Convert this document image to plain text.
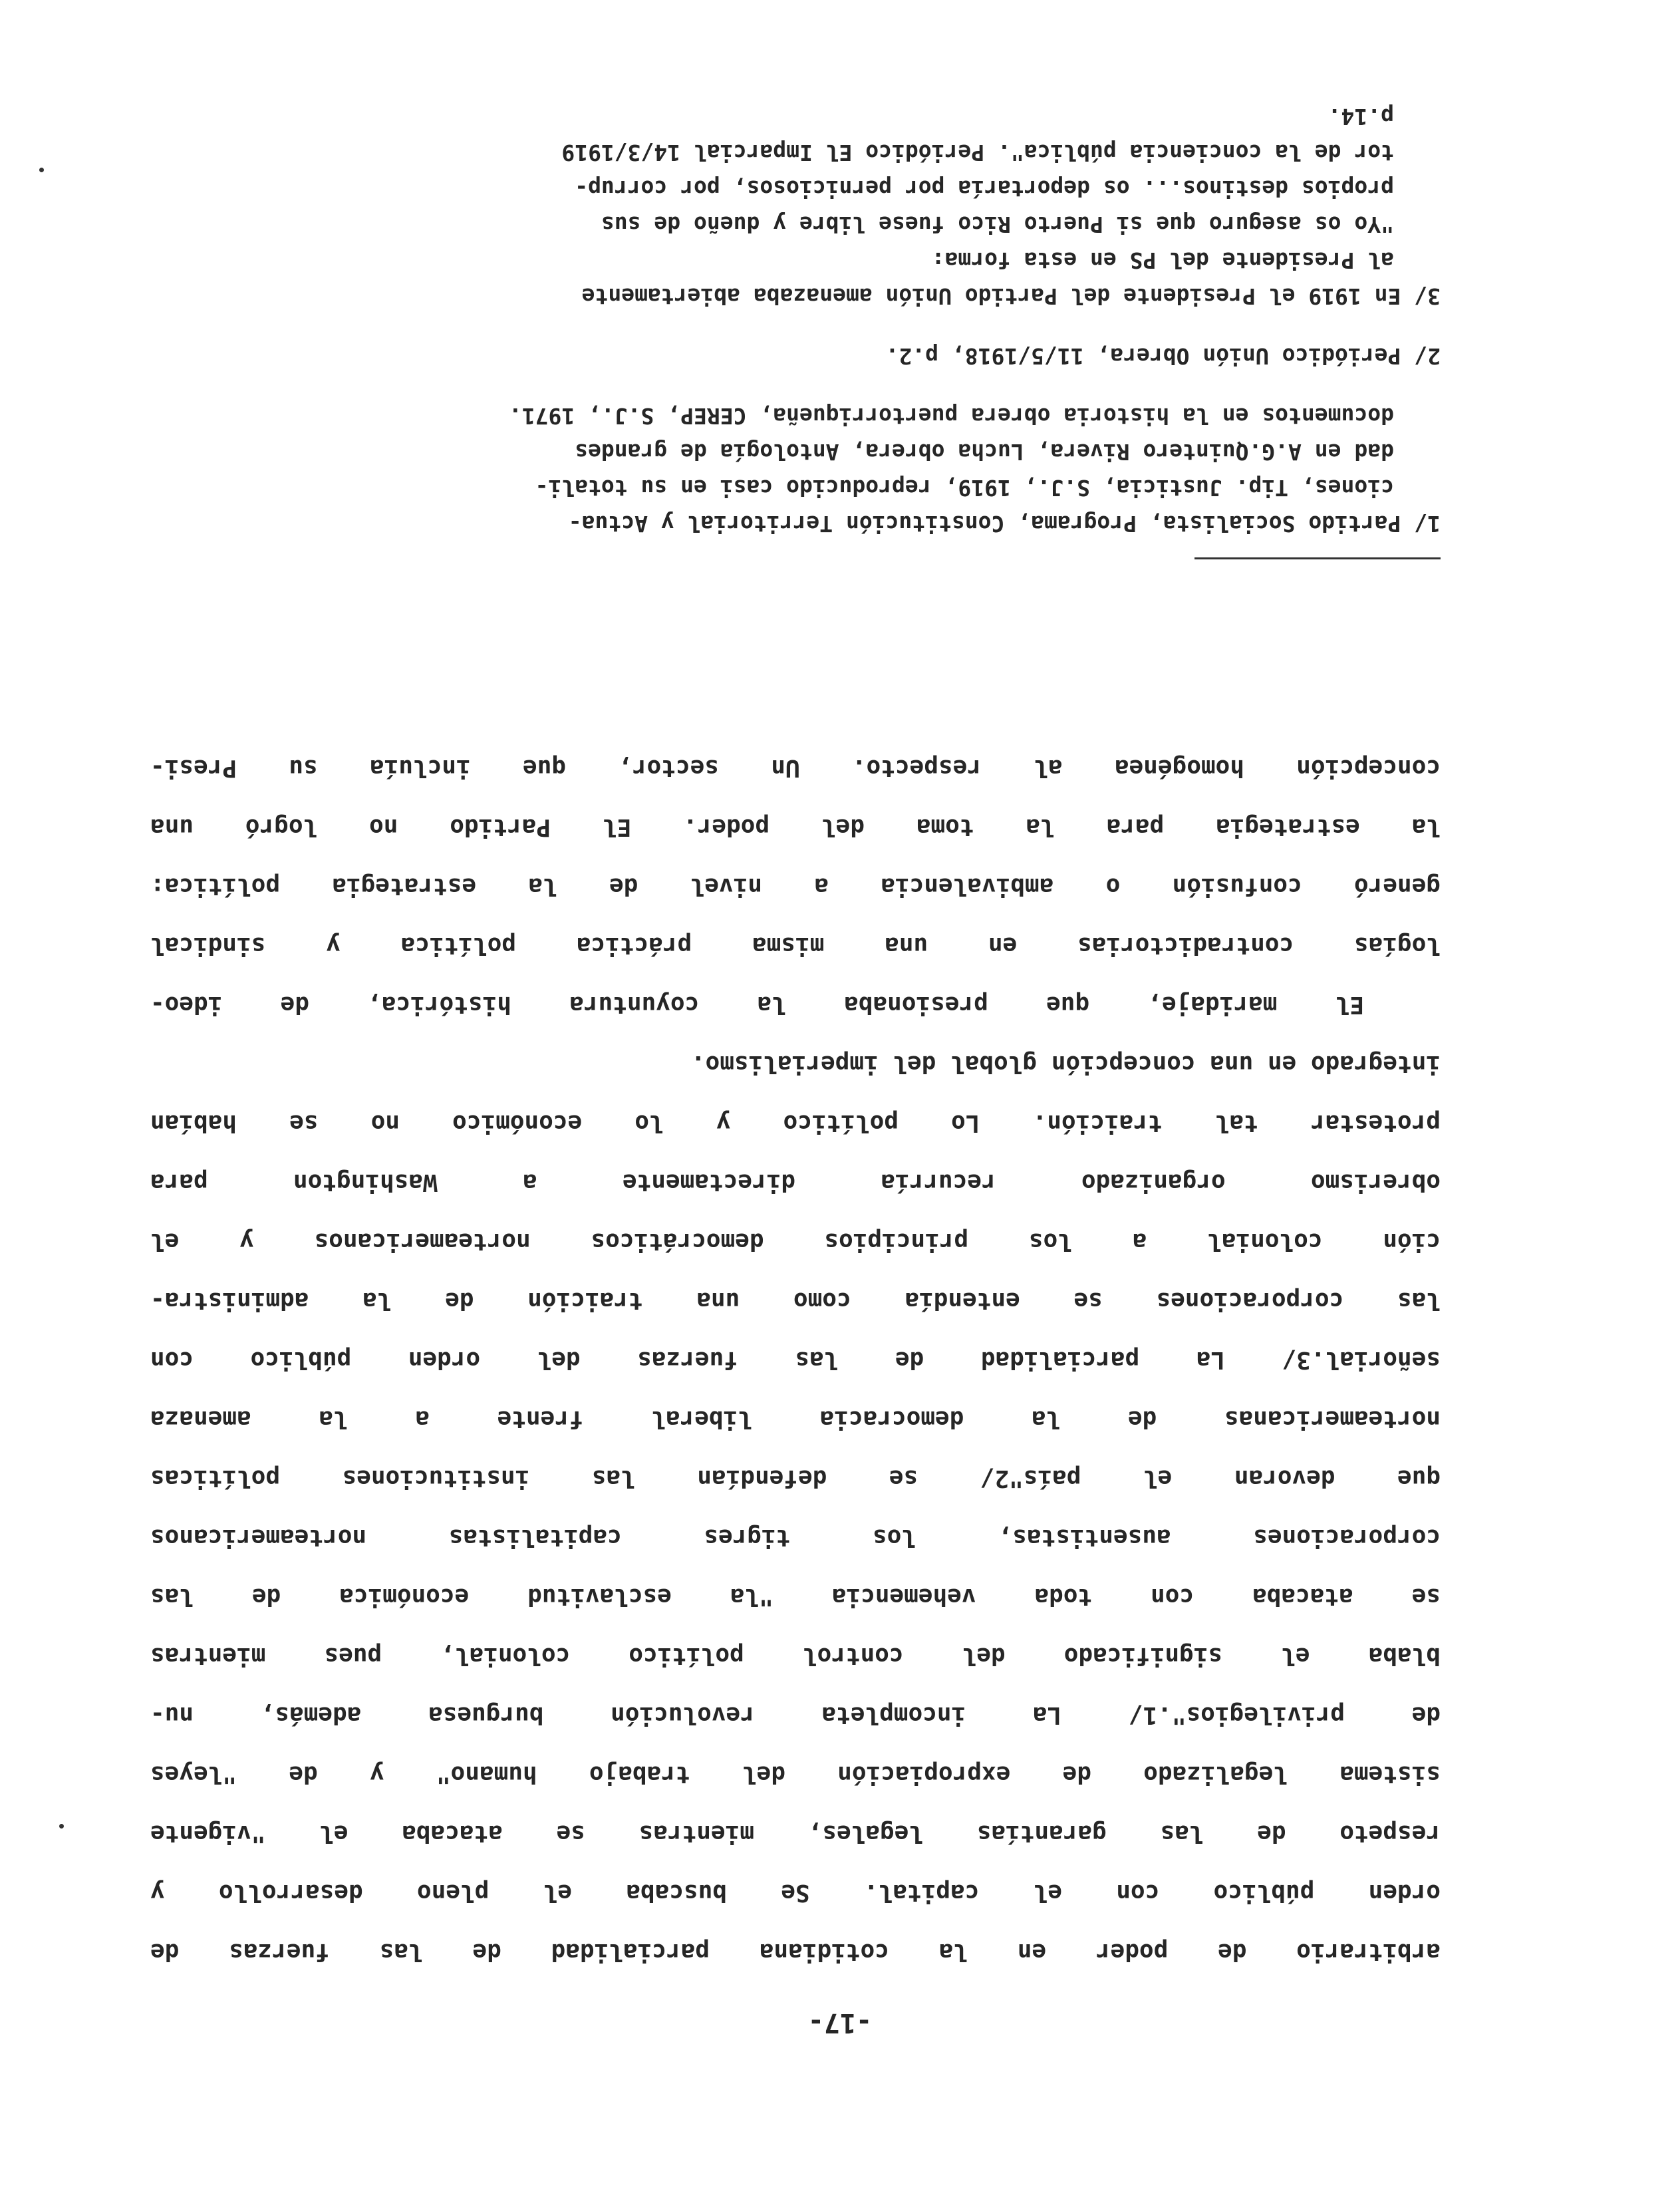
-17-
arbitrario de poder en la cotidiana parcialidad de las fuerzas de
orden público con el capital. Se buscaba el pleno desarrollo y
respeto de las garantías legales, mientras se atacaba el "vigente
sistema legalizado de expropiación del trabajo humano" y de "leyes
de privilegios".1/ La incompleta revolución burguesa además, nu-
blaba el significado del control político colonial, pues mientras
se atacaba con toda vehemencia "la esclavitud económica de las
corporaciones ausentistas, los tigres capitalistas norteamericanos
que devoran el país"2/ se defendían las instituciones políticas
norteamericanas de la democracia liberal frente a la amenaza
señorial.3/ La parcialidad de las fuerzas del orden público con
las corporaciones se entendía como una traición de la administra-
ción colonial a los principios democráticos norteamericanos y el
obrerismo organizado recurría directamente a Washington para
protestar tal traición. Lo político y lo económico no se habían
integrado en una concepción global del imperialismo.
El maridaje, que presionaba la coyuntura histórica, de ideo-
logías contradictorias en una misma práctica política y sindical
generó confusión o ambivalencia a nivel de la estrategia política:
la estrategia para la toma del poder. El Partido no logró una
concepción homogénea al respecto. Un sector, que incluía su Presi-
1/ Partido Socialista, Programa, Constitución Territorial y Actua-
ciones, Tip. Justicia, S.J., 1919, reproducido casi en su totali-
dad en A.G.Quintero Rivera, Lucha obrera, Antología de grandes
documentos en la historia obrera puertorriqueña, CEREP, S.J., 1971.
2/ Periódico Unión Obrera, 11/5/1918, p.2.
3/ En 1919 el Presidente del Partido Unión amenazaba abiertamente
al Presidente del PS en esta forma:
"Yo os aseguro que si Puerto Rico fuese libre y dueño de sus
propios destinos... os deportaría por perniciosos, por corrup-
tor de la conciencia pública". Periódico El Imparcial 14/3/1919
p.14.
